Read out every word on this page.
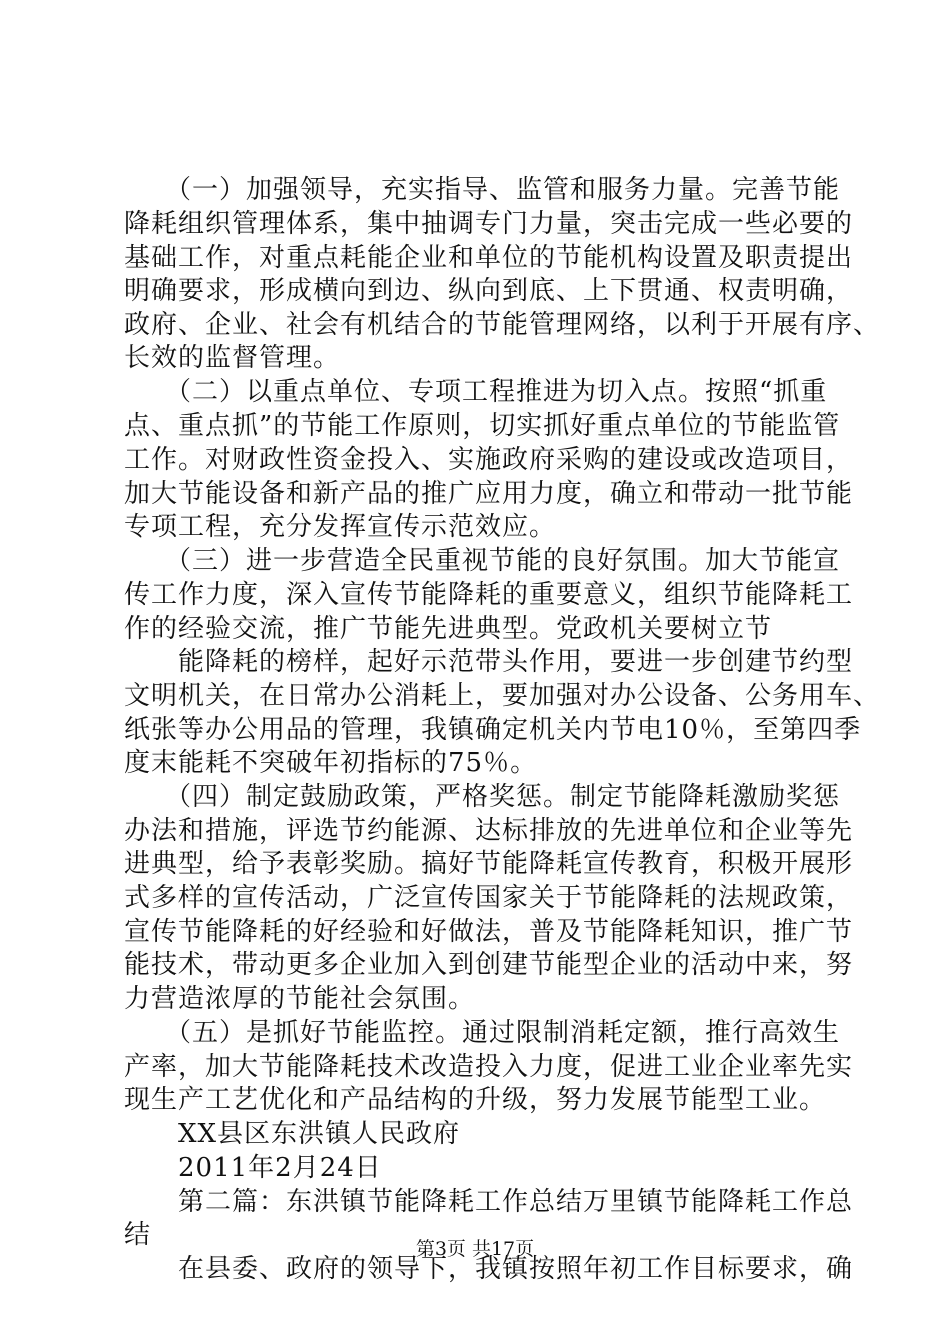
　　（一）加强领导，充实指导、监管和服务力量。完善节能
降耗组织管理体系，集中抽调专门力量，突击完成一些必要的
基础工作，对重点耗能企业和单位的节能机构设置及职责提出
明确要求，形成横向到边、纵向到底、上下贯通、权责明确，
政府、企业、社会有机结合的节能管理网络，以利于开展有序、
长效的监督管理。
　　（二）以重点单位、专项工程推进为切入点。按照“抓重
点、重点抓”的节能工作原则，切实抓好重点单位的节能监管
工作。对财政性资金投入、实施政府采购的建设或改造项目，
加大节能设备和新产品的推广应用力度，确立和带动一批节能
专项工程，充分发挥宣传示范效应。
　　（三）进一步营造全民重视节能的良好氛围。加大节能宣
传工作力度，深入宣传节能降耗的重要意义，组织节能降耗工
作的经验交流，推广节能先进典型。党政机关要树立节
　　能降耗的榜样，起好示范带头作用，要进一步创建节约型
文明机关，在日常办公消耗上，要加强对办公设备、公务用车、
纸张等办公用品的管理，我镇确定机关内节电10％，至第四季
度末能耗不突破年初指标的75％。
　　（四）制定鼓励政策，严格奖惩。制定节能降耗激励奖惩
办法和措施，评选节约能源、达标排放的先进单位和企业等先
进典型，给予表彰奖励。搞好节能降耗宣传教育，积极开展形
式多样的宣传活动，广泛宣传国家关于节能降耗的法规政策，
宣传节能降耗的好经验和好做法，普及节能降耗知识，推广节
能技术，带动更多企业加入到创建节能型企业的活动中来，努
力营造浓厚的节能社会氛围。
　　（五）是抓好节能监控。通过限制消耗定额，推行高效生
产率，加大节能降耗技术改造投入力度，促进工业企业率先实
现生产工艺优化和产品结构的升级，努力发展节能型工业。
　　XX县区东洪镇人民政府
　　2011年2月24日
　　第二篇：东洪镇节能降耗工作总结万里镇节能降耗工作总
结
　　在县委、政府的领导下，我镇按照年初工作目标要求，确
第3页 共17页
